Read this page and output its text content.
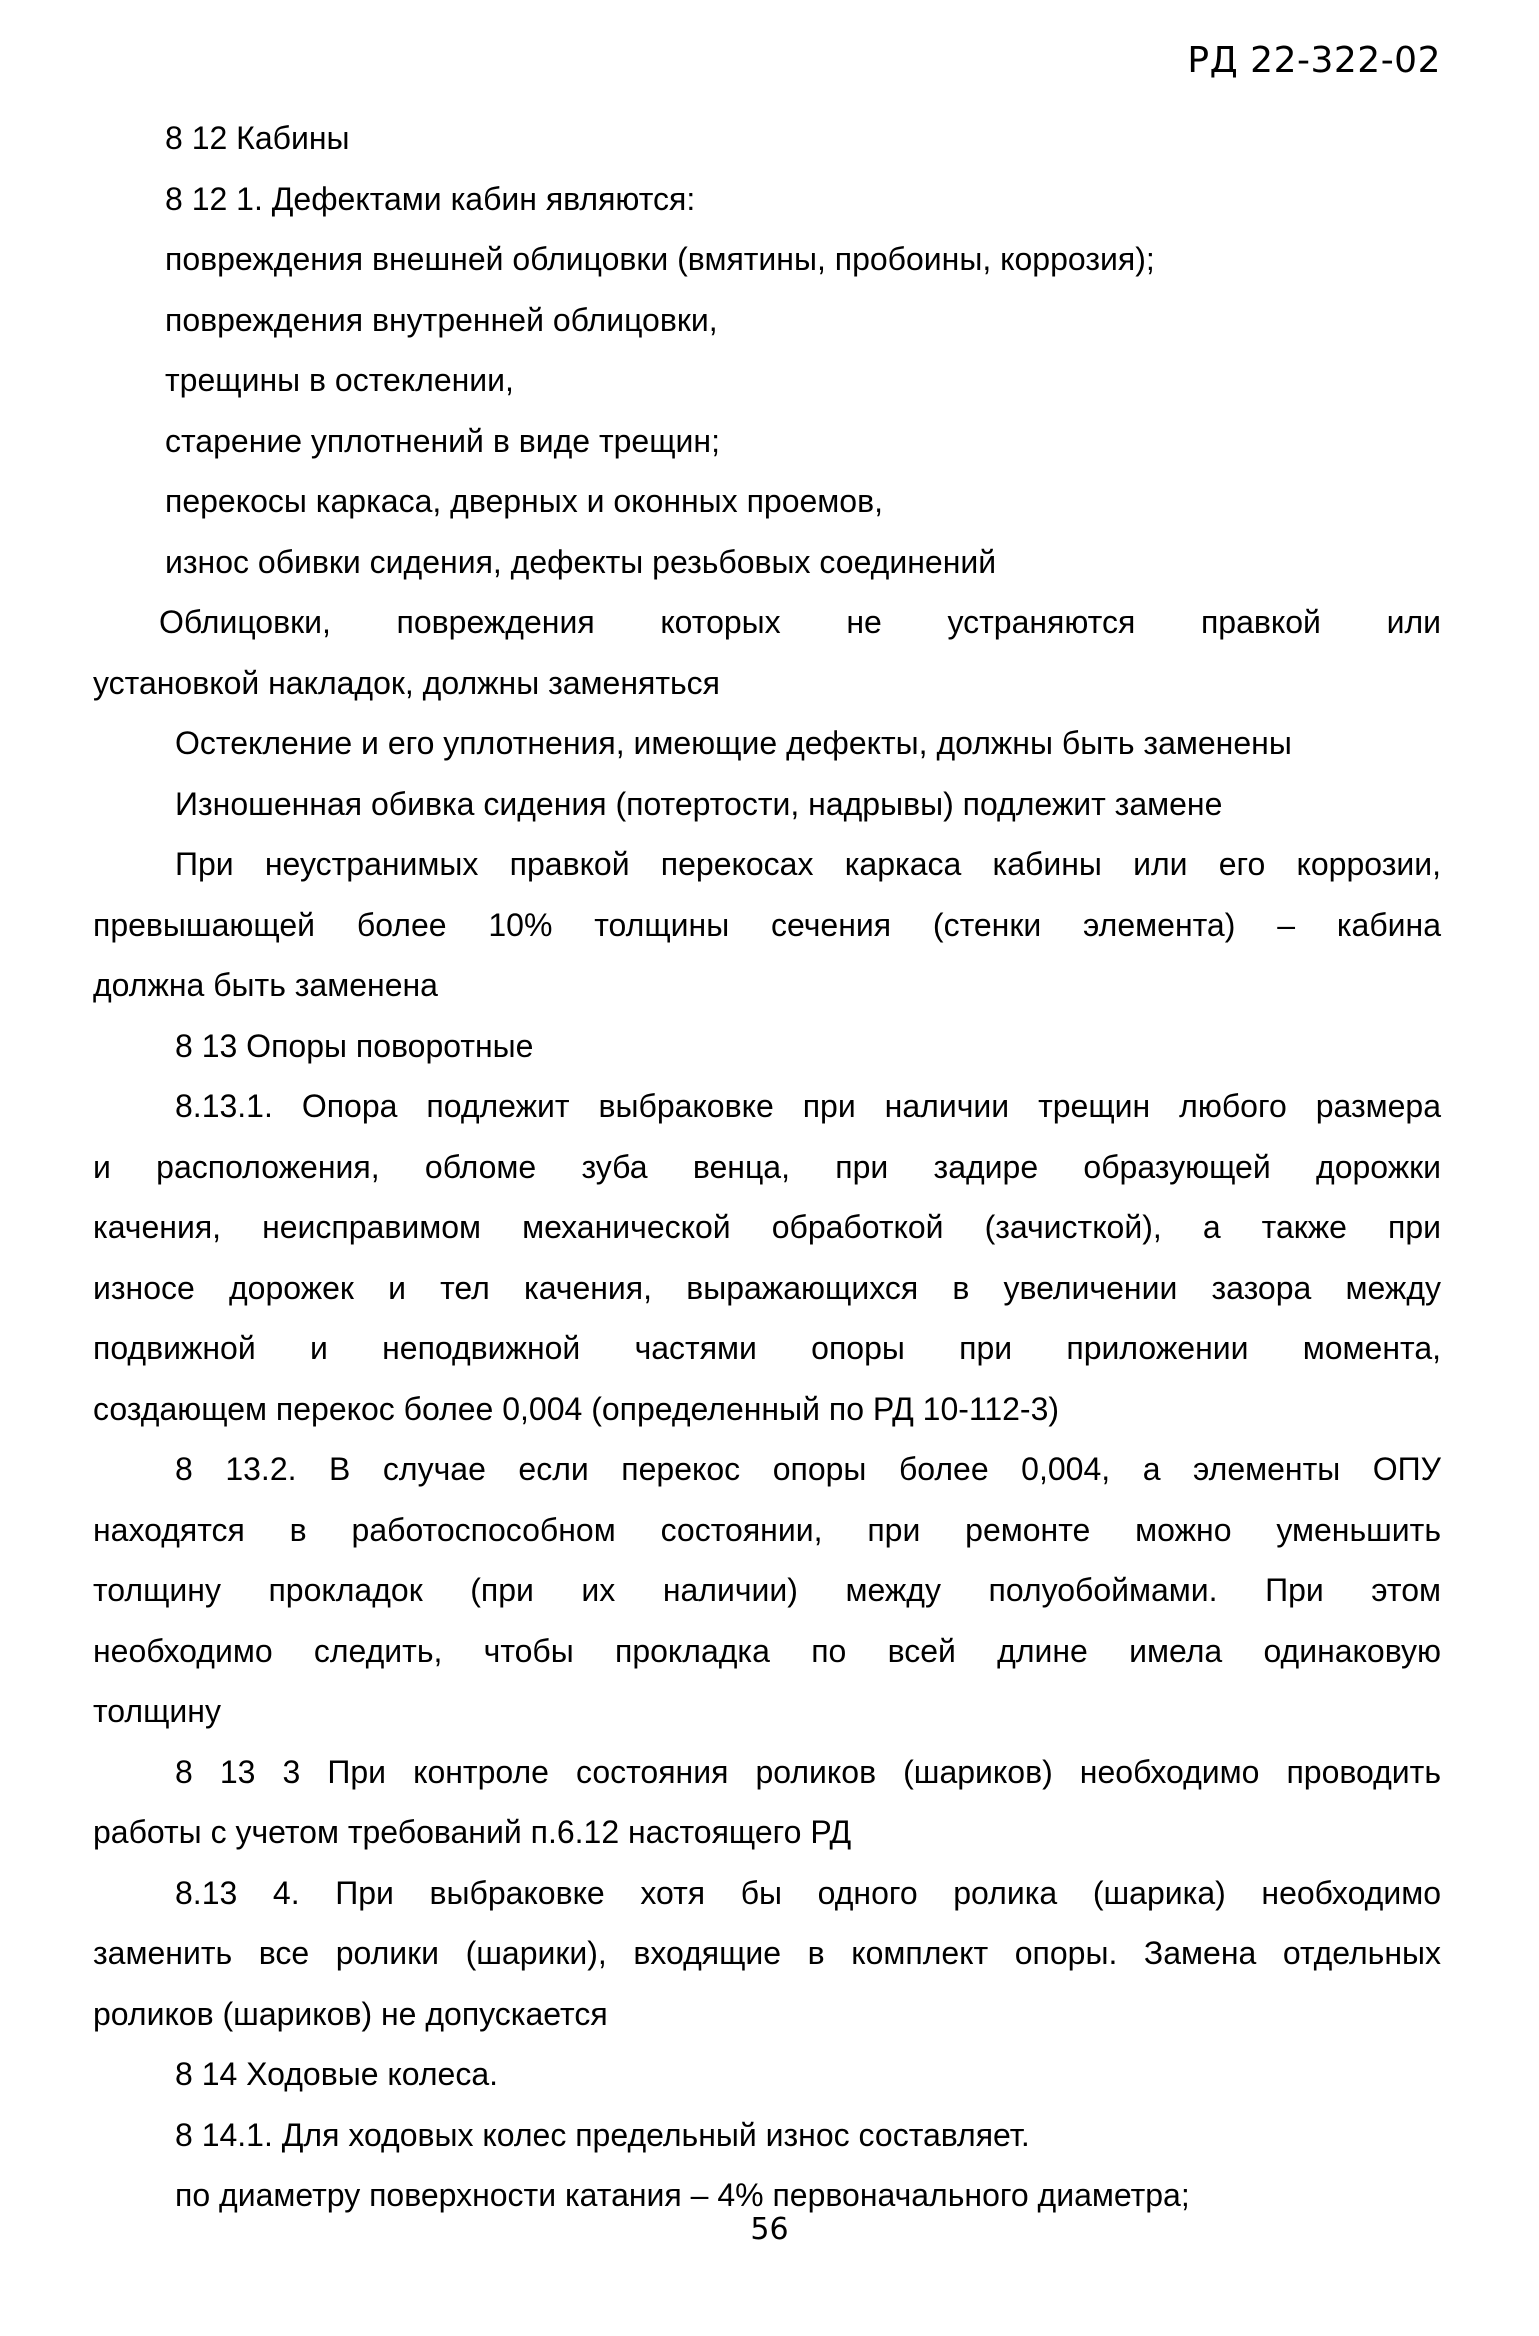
РД 22-322-02
8 12 Кабины
8 12 1. Дефектами кабин являются:
повреждения внешней облицовки (вмятины, пробоины, коррозия);
повреждения внутренней облицовки,
трещины в остеклении,
старение уплотнений в виде трещин;
перекосы каркаса, дверных и оконных проемов,
износ обивки сидения, дефекты резьбовых соединений
Облицовки, повреждения которых не устраняются правкой или
установкой накладок, должны заменяться
Остекление и его уплотнения, имеющие дефекты, должны быть заменены
Изношенная обивка сидения (потертости, надрывы) подлежит замене
При неустранимых правкой перекосах каркаса кабины или его коррозии,
превышающей более 10% толщины сечения (стенки элемента) – кабина
должна быть заменена
8 13 Опоры поворотные
8.13.1. Опора подлежит выбраковке при наличии трещин любого размера
и расположения, обломе зуба венца, при задире образующей дорожки
качения, неисправимом механической обработкой (зачисткой), а также при
износе дорожек и тел качения, выражающихся в увеличении зазора между
подвижной и неподвижной частями опоры при приложении момента,
создающем перекос более 0,004 (определенный по РД 10-112-3)
8 13.2. В случае если перекос опоры более 0,004, а элементы ОПУ
находятся в работоспособном состоянии, при ремонте можно уменьшить
толщину прокладок (при их наличии) между полуобоймами. При этом
необходимо следить, чтобы прокладка по всей длине имела одинаковую
толщину
8 13 3 При контроле состояния роликов (шариков) необходимо проводить
работы с учетом требований п.6.12 настоящего РД
8.13 4. При выбраковке хотя бы одного ролика (шарика) необходимо
заменить все ролики (шарики), входящие в комплект опоры. Замена отдельных
роликов (шариков) не допускается
8 14 Ходовые колеса.
8 14.1. Для ходовых колес предельный износ составляет.
по диаметру поверхности катания – 4% первоначального диаметра;
56
